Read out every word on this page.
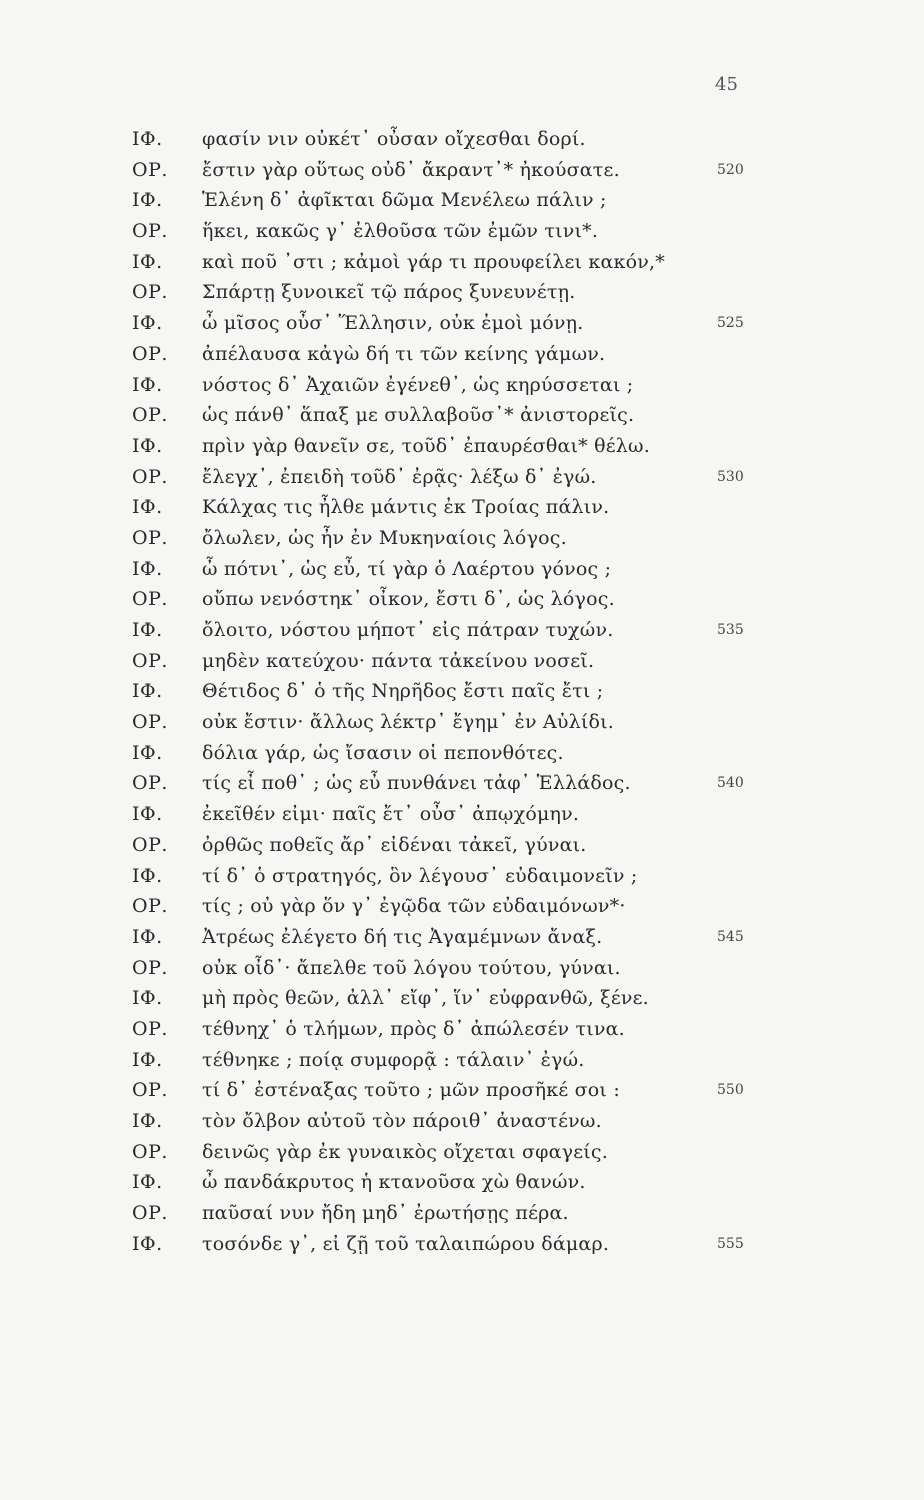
45
ΙΦ. φασίν νιν οὐκέτ᾽ οὖσαν οἴχεσθαι δορί.
ΟΡ. ἔστιν γὰρ οὕτως οὐδ᾽ ἄκραντ᾽* ἠκούσατε.	520
ΙΦ. Ἑλένη δ᾽ ἀφῖκται δῶμα Μενέλεω πάλιν ;
ΟΡ. ἥκει, κακῶς γ᾽ ἐλθοῦσα τῶν ἐμῶν τινι*.
ΙΦ. καὶ ποῦ ᾽στι ; κἀμοὶ γάρ τι προυφείλει κακόν,*
ΟΡ. Σπάρτῃ ξυνοικεῖ τῷ πάρος ξυνευνέτῃ.
ΙΦ. ὦ μῖσος οὖσ᾽ Ἕλλησιν, οὐκ ἐμοὶ μόνῃ.	525
ΟΡ. ἀπέλαυσα κἀγὼ δή τι τῶν κείνης γάμων.
ΙΦ. νόστος δ᾽ Ἀχαιῶν ἐγένεθ᾽, ὡς κηρύσσεται ;
ΟΡ. ὡς πάνθ᾽ ἅπαξ με συλλαβοῦσ᾽* ἀνιστορεῖς.
ΙΦ. πρὶν γὰρ θανεῖν σε, τοῦδ᾽ ἐπαυρέσθαι* θέλω.
ΟΡ. ἔλεγχ᾽, ἐπειδὴ τοῦδ᾽ ἐρᾷς· λέξω δ᾽ ἐγώ.	530
ΙΦ. Κάλχας τις ἦλθε μάντις ἐκ Τροίας πάλιν.
ΟΡ. ὄλωλεν, ὡς ἦν ἐν Μυκηναίοις λόγος.
ΙΦ. ὦ πότνι᾽, ὡς εὖ, τί γὰρ ὁ Λαέρτου γόνος ;
ΟΡ. οὔπω νενόστηκ᾽ οἶκον, ἔστι δ᾽, ὡς λόγος.
ΙΦ. ὄλοιτο, νόστου μήποτ᾽ εἰς πάτραν τυχών.	535
ΟΡ. μηδὲν κατεύχου· πάντα τἀκείνου νοσεῖ.
ΙΦ. Θέτιδος δ᾽ ὁ τῆς Νηρῆδος ἔστι παῖς ἔτι ;
ΟΡ. οὐκ ἔστιν· ἄλλως λέκτρ᾽ ἔγημ᾽ ἐν Αὐλίδι.
ΙΦ. δόλια γάρ, ὡς ἴσασιν οἱ πεπονθότες.
ΟΡ. τίς εἶ ποθ᾽ ; ὡς εὖ πυνθάνει τἀφ᾽ Ἑλλάδος.	540
ΙΦ. ἐκεῖθέν εἰμι· παῖς ἔτ᾽ οὖσ᾽ ἀπῳχόμην.
ΟΡ. ὀρθῶς ποθεῖς ἄρ᾽ εἰδέναι τἀκεῖ, γύναι.
ΙΦ. τί δ᾽ ὁ στρατηγός, ὃν λέγουσ᾽ εὐδαιμονεῖν ;
ΟΡ. τίς ; οὐ γὰρ ὅν γ᾽ ἐγῷδα τῶν εὐδαιμόνων*·
ΙΦ. Ἀτρέως ἐλέγετο δή τις Ἀγαμέμνων ἄναξ.	545
ΟΡ. οὐκ οἶδ᾽· ἄπελθε τοῦ λόγου τούτου, γύναι.
ΙΦ. μὴ πρὸς θεῶν, ἀλλ᾽ εἴφ᾽, ἵν᾽ εὐφρανθῶ, ξένε.
ΟΡ. τέθνηχ᾽ ὁ τλήμων, πρὸς δ᾽ ἀπώλεσέν τινα.
ΙΦ. τέθνηκε ; ποίᾳ συμφορᾷ : τάλαιν᾽ ἐγώ.
ΟΡ. τί δ᾽ ἐστέναξας τοῦτο ; μῶν προσῆκέ σοι :	550
ΙΦ. τὸν ὄλβον αὐτοῦ τὸν πάροιθ᾽ ἀναστένω.
ΟΡ. δεινῶς γὰρ ἐκ γυναικὸς οἴχεται σφαγείς.
ΙΦ. ὦ πανδάκρυτος ἡ κτανοῦσα χὼ θανών.
ΟΡ. παῦσαί νυν ἤδη μηδ᾽ ἐρωτήσῃς πέρα.
ΙΦ. τοσόνδε γ᾽, εἰ ζῇ τοῦ ταλαιπώρου δάμαρ.	555
